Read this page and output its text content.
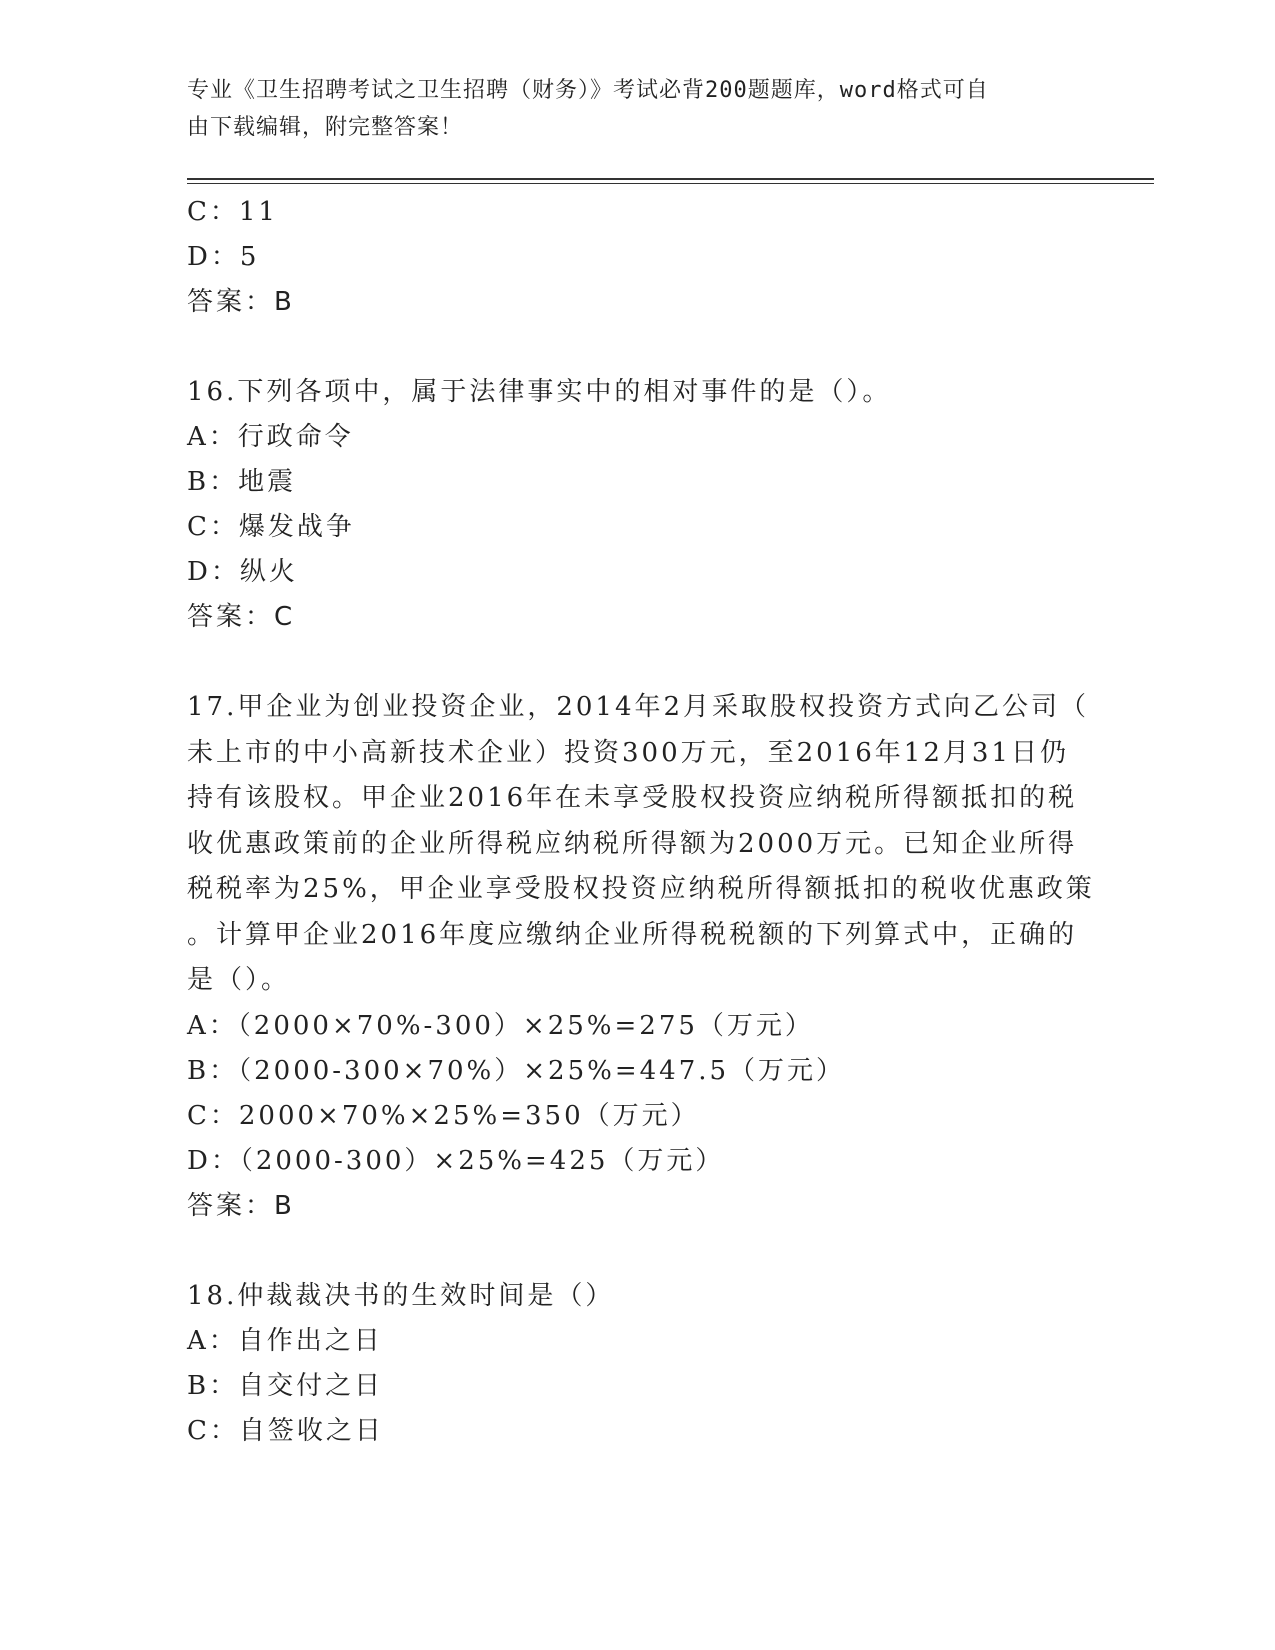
专业《卫生招聘考试之卫生招聘（财务）》考试必背200题题库，word格式可自
由下载编辑，附完整答案！
C：11
D：5
答案：B
16.下列各项中，属于法律事实中的相对事件的是（）。
A：行政命令
B：地震
C：爆发战争
D：纵火
答案：C

17.甲企业为创业投资企业，2014年2月采取股权投资方式向乙公司（
未上市的中小高新技术企业）投资300万元，至2016年12月31日仍
持有该股权。甲企业2016年在未享受股权投资应纳税所得额抵扣的税
收优惠政策前的企业所得税应纳税所得额为2000万元。已知企业所得
税税率为25%，甲企业享受股权投资应纳税所得额抵扣的税收优惠政策
。计算甲企业2016年度应缴纳企业所得税税额的下列算式中，正确的
是（）。

A：（2000×70%-300）×25%=275（万元）
B：（2000-300×70%）×25%=447.5（万元）
C：2000×70%×25%=350（万元）
D：（2000-300）×25%=425（万元）
答案：B
18.仲裁裁决书的生效时间是（）
A：自作出之日
B：自交付之日
C：自签收之日
